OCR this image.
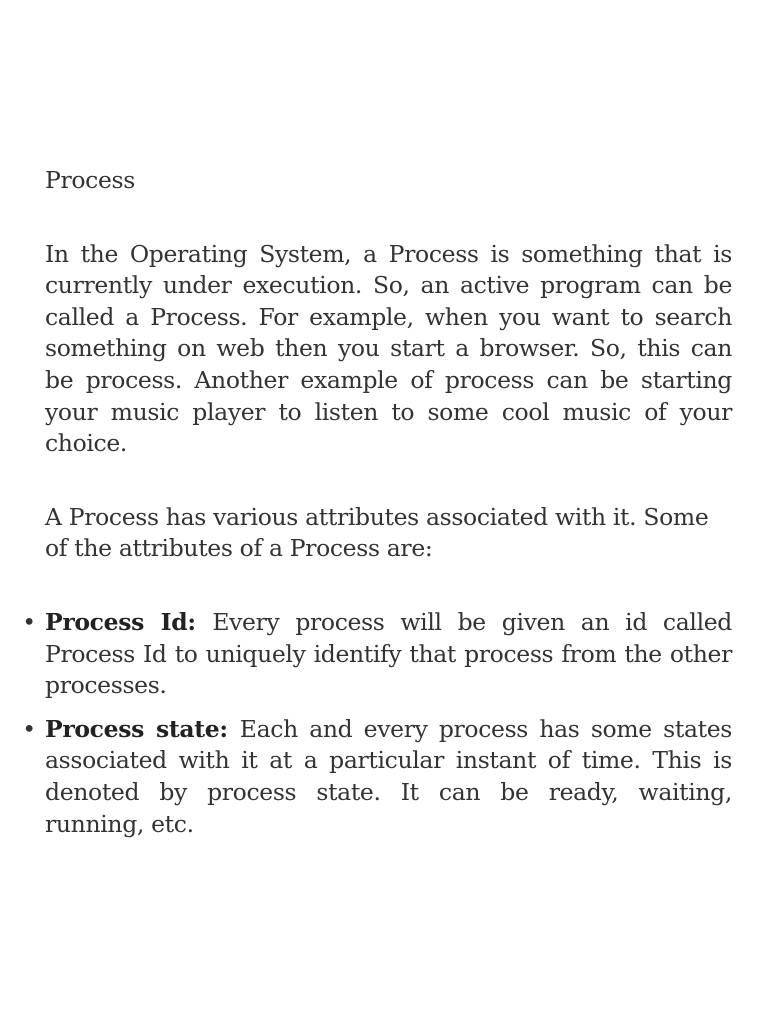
Process

In the Operating System, a Process is something that is currently under execution. So, an active program can be called a Process. For example, when you want to search something on web then you start a browser. So, this can be process. Another example of process can be starting your music player to listen to some cool music of your choice.

A Process has various attributes associated with it. Some of the attributes of a Process are:

• Process Id: Every process will be given an id called Process Id to uniquely identify that process from the other processes.
• Process state: Each and every process has some states associated with it at a particular instant of time. This is denoted by process state. It can be ready, waiting, running, etc.
